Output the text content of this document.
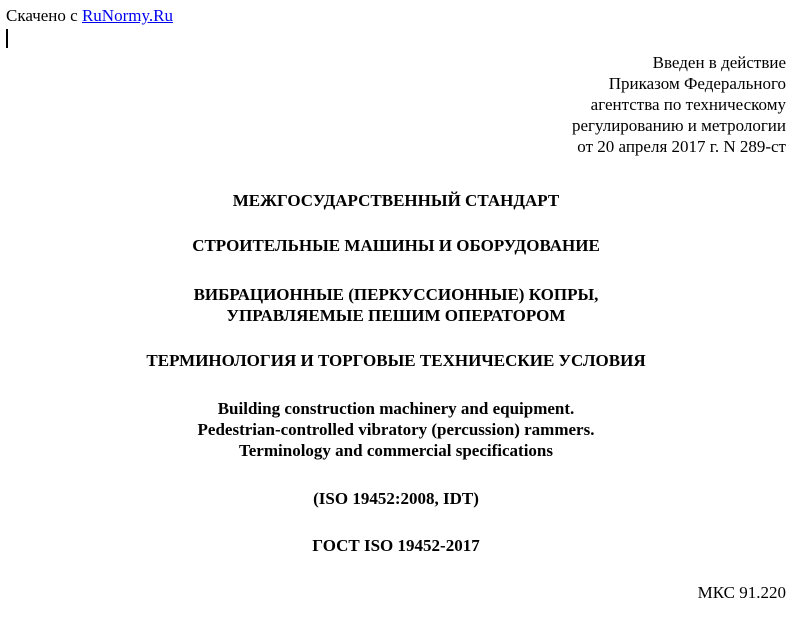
Скачено с RuNormy.Ru
Введен в действие
Приказом Федерального
агентства по техническому
регулированию и метрологии
от 20 апреля 2017 г. N 289-ст
МЕЖГОСУДАРСТВЕННЫЙ СТАНДАРТ
СТРОИТЕЛЬНЫЕ МАШИНЫ И ОБОРУДОВАНИЕ
ВИБРАЦИОННЫЕ (ПЕРКУССИОННЫЕ) КОПРЫ,
УПРАВЛЯЕМЫЕ ПЕШИМ ОПЕРАТОРОМ
ТЕРМИНОЛОГИЯ И ТОРГОВЫЕ ТЕХНИЧЕСКИЕ УСЛОВИЯ
Building construction machinery and equipment.
Pedestrian-controlled vibratory (percussion) rammers.
Terminology and commercial specifications
(ISO 19452:2008, IDT)
ГОСТ ISO 19452-2017
МКС 91.220
